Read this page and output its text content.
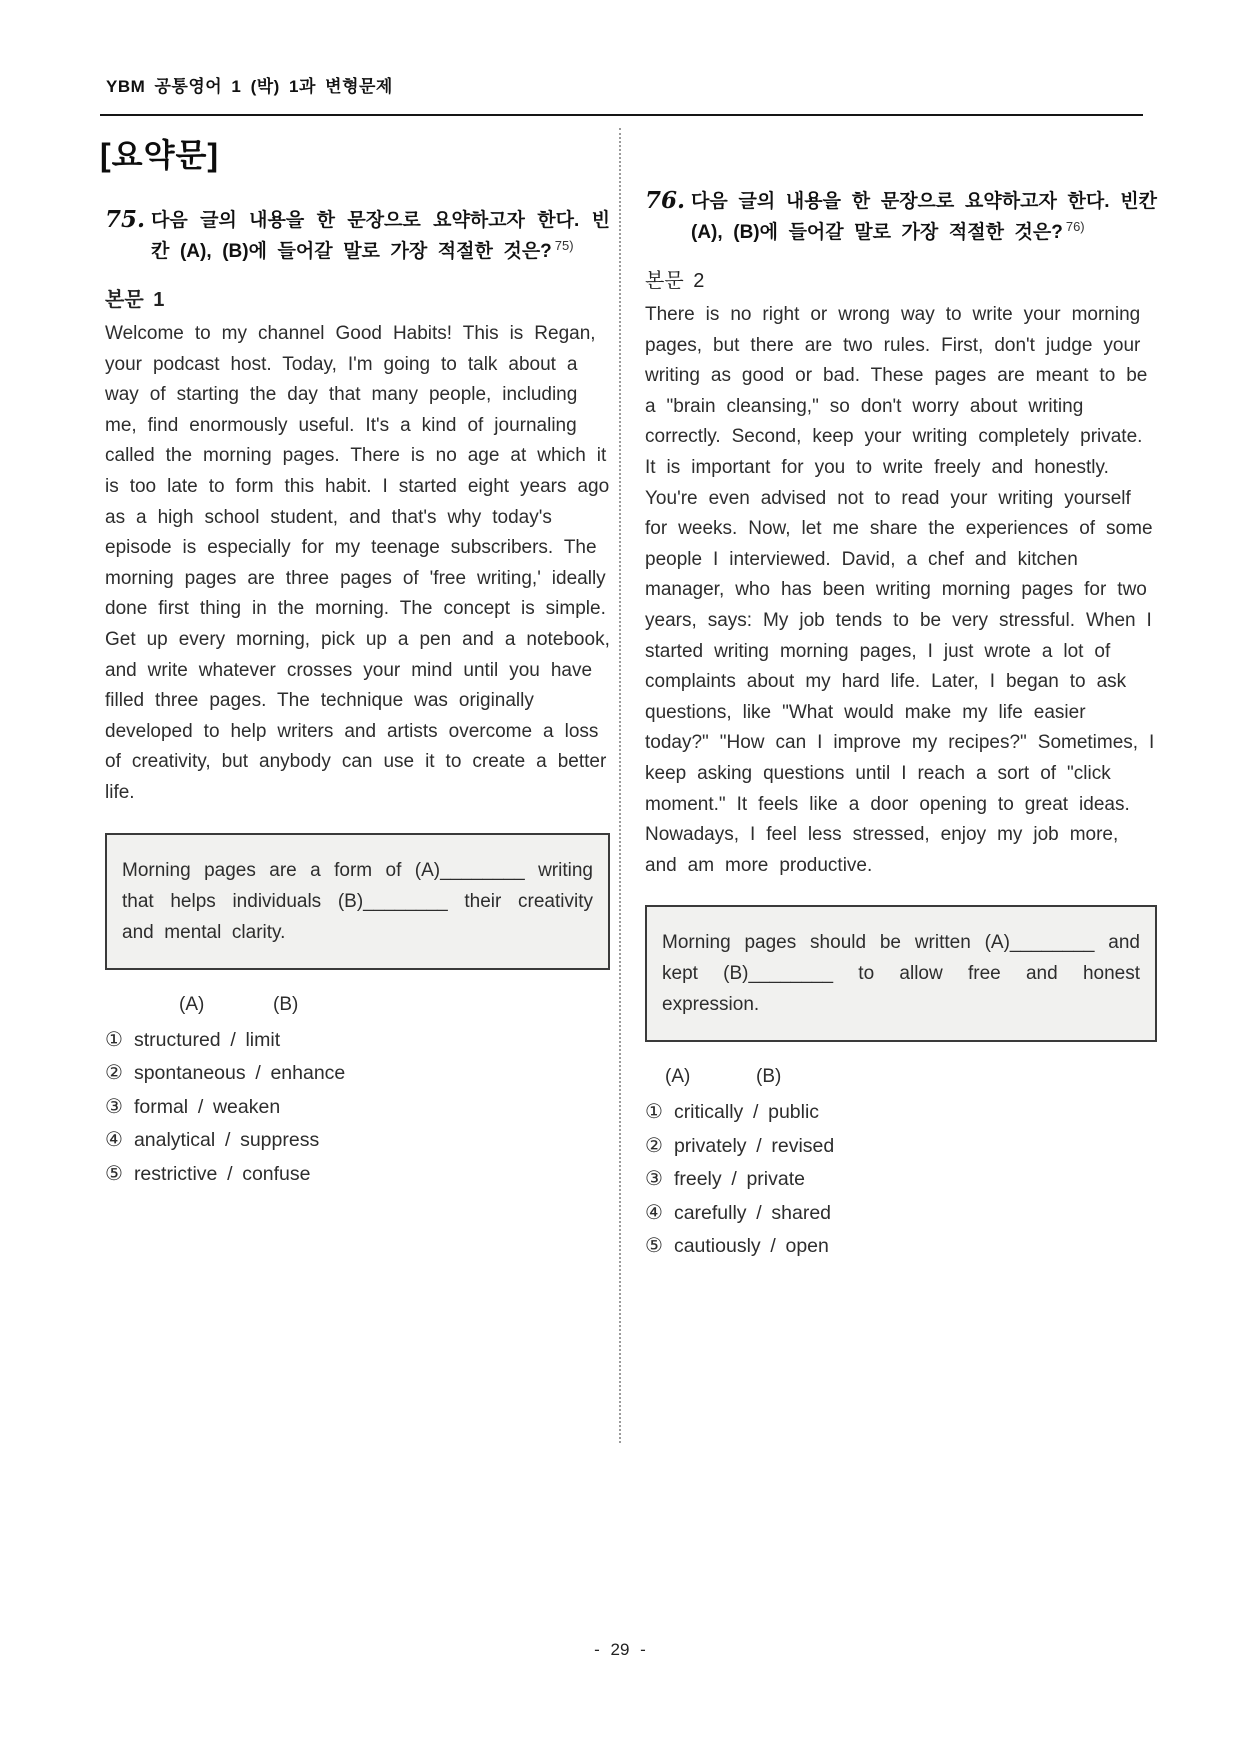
YBM 공통영어 1 (박) 1과 변형문제
[요약문]
75. 다음 글의 내용을 한 문장으로 요약하고자 한다. 빈칸 (A), (B)에 들어갈 말로 가장 적절한 것은? $^{75)}$
본문 1
Welcome to my channel Good Habits! This is Regan, your podcast host. Today, I'm going to talk about a way of starting the day that many people, including me, find enormously useful. It's a kind of journaling called the morning pages. There is no age at which it is too late to form this habit. I started eight years ago as a high school student, and that's why today's episode is especially for my teenage subscribers. The morning pages are three pages of 'free writing,' ideally done first thing in the morning. The concept is simple. Get up every morning, pick up a pen and a notebook, and write whatever crosses your mind until you have filled three pages. The technique was originally developed to help writers and artists overcome a loss of creativity, but anybody can use it to create a better life.
Morning pages are a form of (A)________ writing that helps individuals (B)________ their creativity and mental clarity.
(A)	(B)
① structured / limit
② spontaneous / enhance
③ formal / weaken
④ analytical / suppress
⑤ restrictive / confuse
76. 다음 글의 내용을 한 문장으로 요약하고자 한다. 빈칸 (A), (B)에 들어갈 말로 가장 적절한 것은? $^{76)}$
본문 2
There is no right or wrong way to write your morning pages, but there are two rules. First, don't judge your writing as good or bad. These pages are meant to be a "brain cleansing," so don't worry about writing correctly. Second, keep your writing completely private. It is important for you to write freely and honestly. You're even advised not to read your writing yourself for weeks. Now, let me share the experiences of some people I interviewed. David, a chef and kitchen manager, who has been writing morning pages for two years, says: My job tends to be very stressful. When I started writing morning pages, I just wrote a lot of complaints about my hard life. Later, I began to ask questions, like "What would make my life easier today?" "How can I improve my recipes?" Sometimes, I keep asking questions until I reach a sort of "click moment." It feels like a door opening to great ideas. Nowadays, I feel less stressed, enjoy my job more, and am more productive.
Morning pages should be written (A)________ and kept (B)________ to allow free and honest expression.
(A)	(B)
① critically / public
② privately / revised
③ freely / private
④ carefully / shared
⑤ cautiously / open
- 29 -
